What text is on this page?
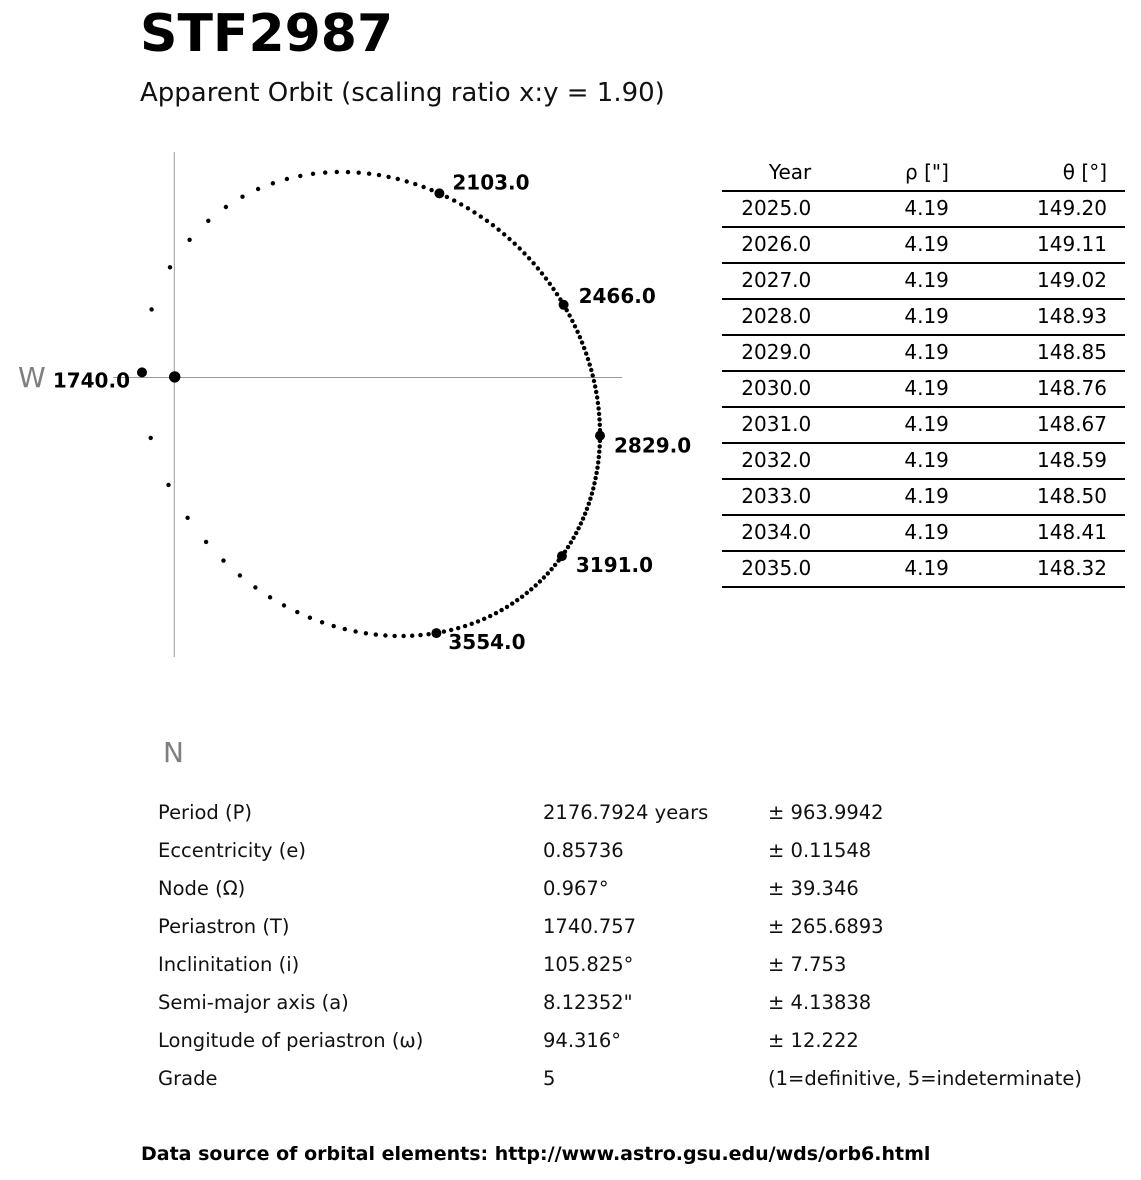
STF2987
Apparent Orbit (scaling ratio x:y = 1.90)
1740.0
2103.0
2466.0
2829.0
3191.0
3554.0
W
N
Year	ρ ["]	θ [°]
2025.0	4.19	149.20
2026.0	4.19	149.11
2027.0	4.19	149.02
2028.0	4.19	148.93
2029.0	4.19	148.85
2030.0	4.19	148.76
2031.0	4.19	148.67
2032.0	4.19	148.59
2033.0	4.19	148.50
2034.0	4.19	148.41
2035.0	4.19	148.32
Period (P)	2176.7924 years	± 963.9942
Eccentricity (e)	0.85736	± 0.11548
Node (Ω)	0.967°	± 39.346
Periastron (T)	1740.757	± 265.6893
Inclinitation (i)	105.825°	± 7.753
Semi-major axis (a)	8.12352"	± 4.13838
Longitude of periastron (ω)	94.316°	± 12.222
Grade	5	(1=definitive, 5=indeterminate)
Data source of orbital elements: http://www.astro.gsu.edu/wds/orb6.html
